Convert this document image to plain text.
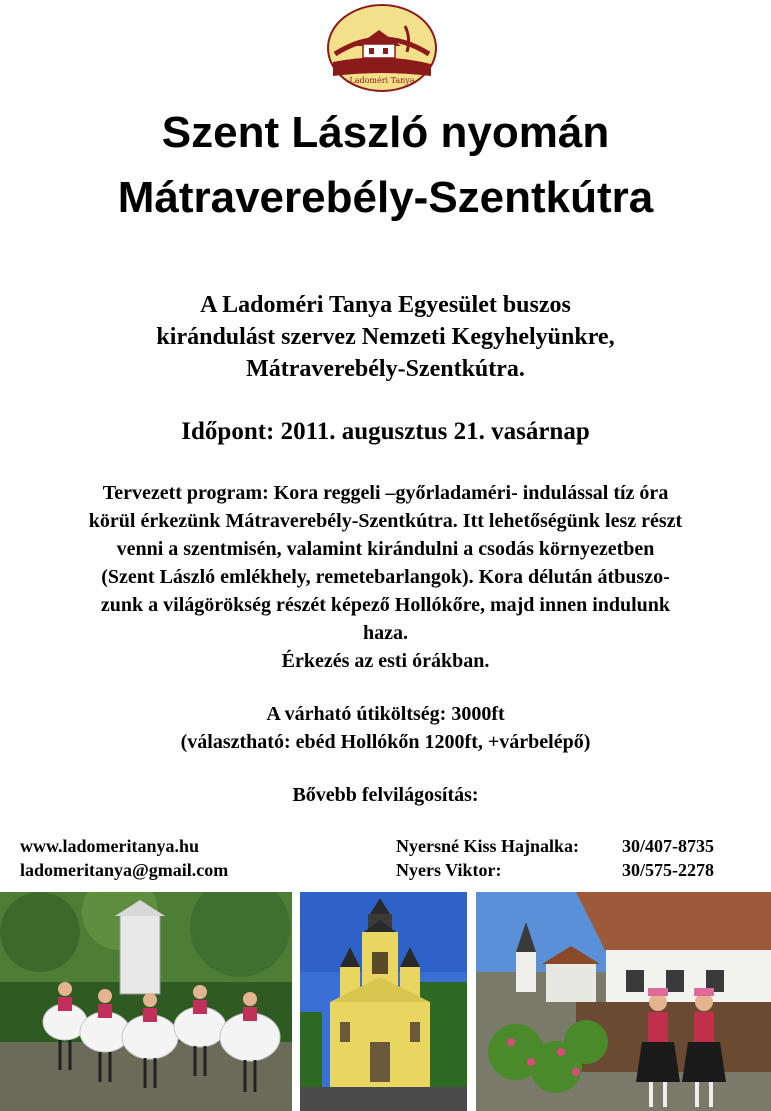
Ladoméri Tanya
Szent László nyomán
Mátraverebély-Szentkútra
A Ladoméri Tanya Egyesület buszos
kirándulást szervez Nemzeti Kegyhelyünkre,
Mátraverebély-Szentkútra.
Időpont: 2011. augusztus 21. vasárnap
Tervezett program: Kora reggeli –győrladaméri- indulással tíz óra
körül érkezünk Mátraverebély-Szentkútra. Itt lehetőségünk lesz részt
venni a szentmisén, valamint kirándulni a csodás környezetben
(Szent László emlékhely, remetebarlangok). Kora délután átbuszo-
zunk a világörökség részét képező Hollókőre, majd innen indulunk
haza.
Érkezés az esti órákban.
A várható útiköltség: 3000ft
(választható: ebéd Hollókőn 1200ft, +várbelépő)
Bővebb felvilágosítás:
www.ladomeritanya.hu
ladomeritanya@gmail.com
Nyersné Kiss Hajnalka:	30/407-8735
Nyers Viktor:	30/575-2278
